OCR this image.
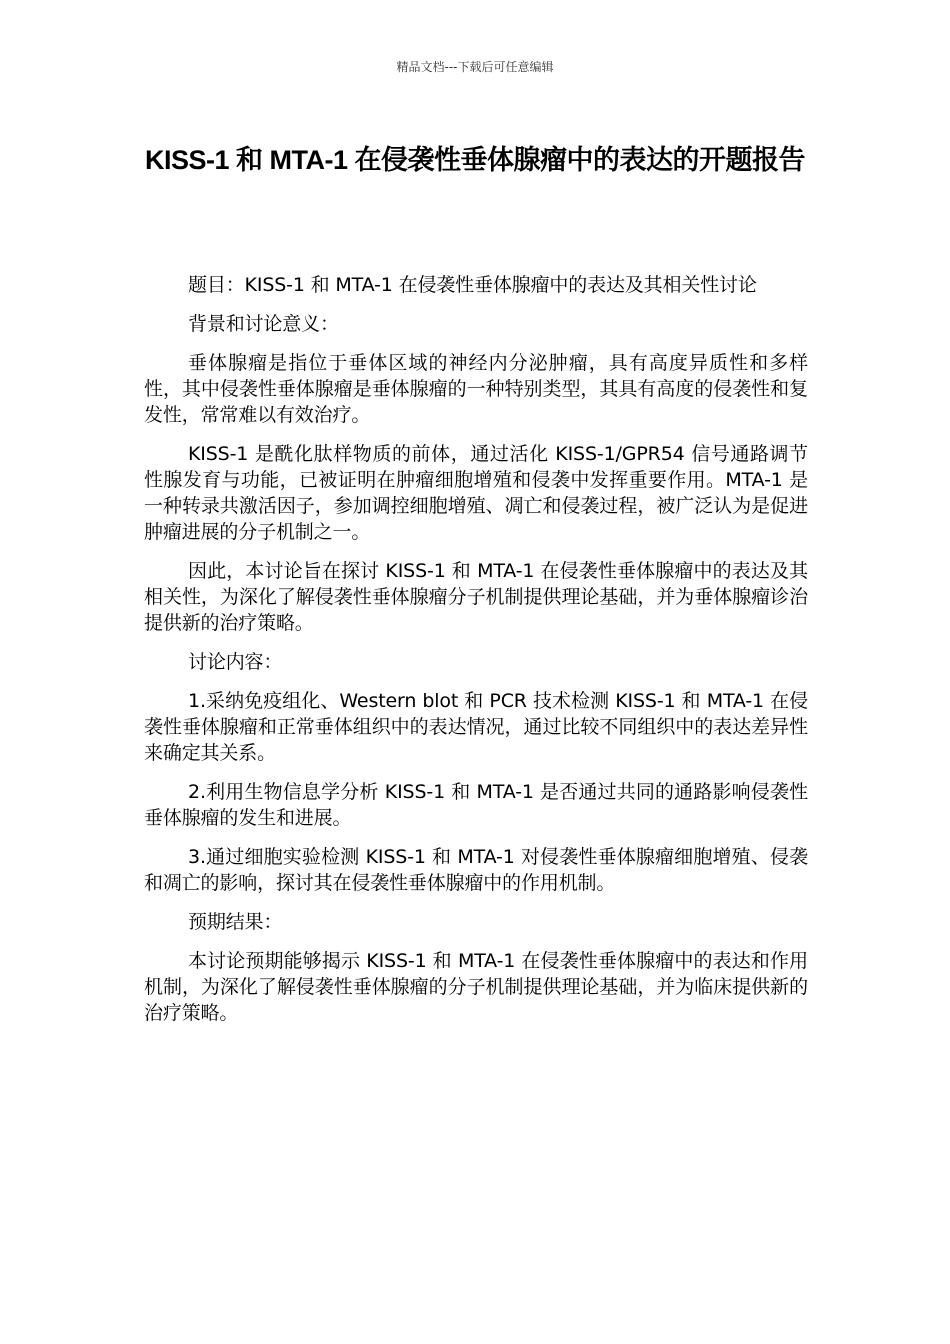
精品文档---下载后可任意编辑
KISS-1 和 MTA-1 在侵袭性垂体腺瘤中的表达的开题报告

题目：KISS-1 和 MTA-1 在侵袭性垂体腺瘤中的表达及其相关性讨论

背景和讨论意义：

垂体腺瘤是指位于垂体区域的神经内分泌肿瘤，具有高度异质性和多样性，其中侵袭性垂体腺瘤是垂体腺瘤的一种特别类型，其具有高度的侵袭性和复发性，常常难以有效治疗。

KISS-1 是酰化肽样物质的前体，通过活化 KISS-1/GPR54 信号通路调节性腺发育与功能，已被证明在肿瘤细胞增殖和侵袭中发挥重要作用。MTA-1 是一种转录共激活因子，参加调控细胞增殖、凋亡和侵袭过程，被广泛认为是促进肿瘤进展的分子机制之一。

因此，本讨论旨在探讨 KISS-1 和 MTA-1 在侵袭性垂体腺瘤中的表达及其相关性，为深化了解侵袭性垂体腺瘤分子机制提供理论基础，并为垂体腺瘤诊治提供新的治疗策略。

讨论内容：

1.采纳免疫组化、Western blot 和 PCR 技术检测 KISS-1 和 MTA-1 在侵袭性垂体腺瘤和正常垂体组织中的表达情况，通过比较不同组织中的表达差异性来确定其关系。

2.利用生物信息学分析 KISS-1 和 MTA-1 是否通过共同的通路影响侵袭性垂体腺瘤的发生和进展。

3.通过细胞实验检测 KISS-1 和 MTA-1 对侵袭性垂体腺瘤细胞增殖、侵袭和凋亡的影响，探讨其在侵袭性垂体腺瘤中的作用机制。

预期结果：

本讨论预期能够揭示 KISS-1 和 MTA-1 在侵袭性垂体腺瘤中的表达和作用机制，为深化了解侵袭性垂体腺瘤的分子机制提供理论基础，并为临床提供新的治疗策略。
